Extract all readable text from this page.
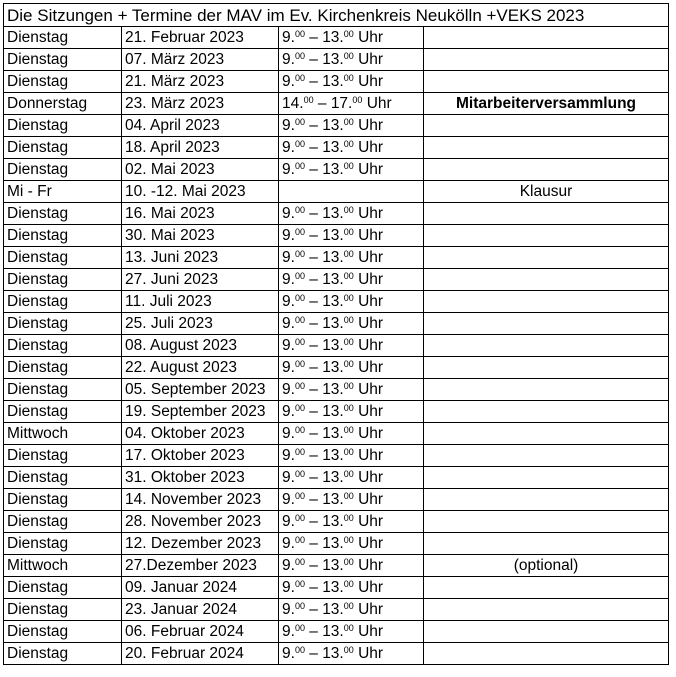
Die Sitzungen + Termine der MAV im Ev. Kirchenkreis Neukölln +VEKS 2023			
Dienstag	21. Februar 2023	9.00 – 13.00 Uhr	
Dienstag	07. März 2023	9.00 – 13.00 Uhr	
Dienstag	21. März 2023	9.00 – 13.00 Uhr	
Donnerstag	23. März 2023	14.00 – 17.00 Uhr	Mitarbeiterversammlung
Dienstag	04. April 2023	9.00 – 13.00 Uhr	
Dienstag	18. April 2023	9.00 – 13.00 Uhr	
Dienstag	02. Mai 2023	9.00 – 13.00 Uhr	
Mi - Fr	10. -12. Mai 2023		Klausur
Dienstag	16. Mai 2023	9.00 – 13.00 Uhr	
Dienstag	30. Mai 2023	9.00 – 13.00 Uhr	
Dienstag	13. Juni 2023	9.00 – 13.00 Uhr	
Dienstag	27. Juni 2023	9.00 – 13.00 Uhr	
Dienstag	11. Juli 2023	9.00 – 13.00 Uhr	
Dienstag	25. Juli 2023	9.00 – 13.00 Uhr	
Dienstag	08. August 2023	9.00 – 13.00 Uhr	
Dienstag	22. August 2023	9.00 – 13.00 Uhr	
Dienstag	05. September 2023	9.00 – 13.00 Uhr	
Dienstag	19. September 2023	9.00 – 13.00 Uhr	
Mittwoch	04. Oktober 2023	9.00 – 13.00 Uhr	
Dienstag	17. Oktober 2023	9.00 – 13.00 Uhr	
Dienstag	31. Oktober 2023	9.00 – 13.00 Uhr	
Dienstag	14. November 2023	9.00 – 13.00 Uhr	
Dienstag	28. November 2023	9.00 – 13.00 Uhr	
Dienstag	12. Dezember 2023	9.00 – 13.00 Uhr	
Mittwoch	27.Dezember 2023	9.00 – 13.00 Uhr	(optional)
Dienstag	09. Januar 2024	9.00 – 13.00 Uhr	
Dienstag	23. Januar 2024	9.00 – 13.00 Uhr	
Dienstag	06. Februar 2024	9.00 – 13.00 Uhr	
Dienstag	20. Februar 2024	9.00 – 13.00 Uhr	
